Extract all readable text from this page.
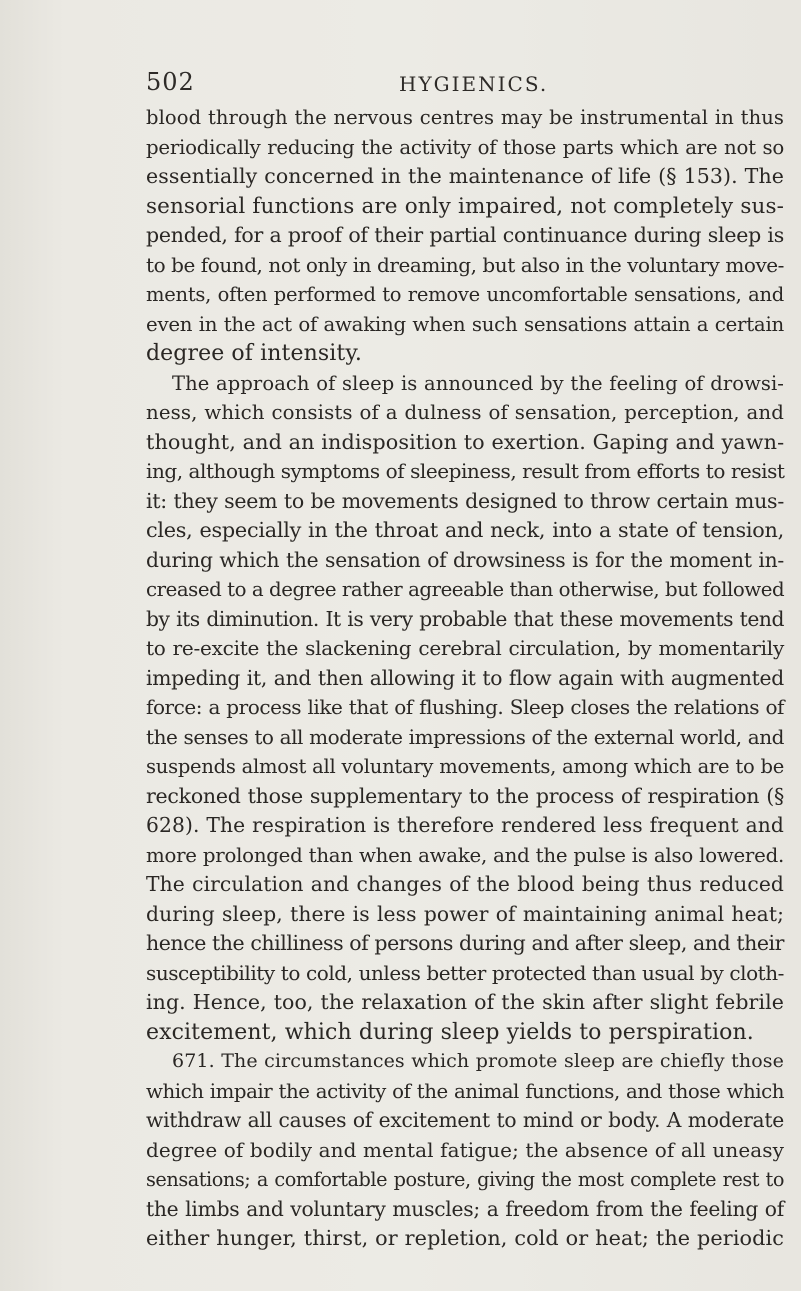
502	HYGIENICS.
blood through the nervous centres may be instrumental in thus
periodically reducing the activity of those parts which are not so
essentially concerned in the maintenance of life (§ 153). The
sensorial functions are only impaired, not completely sus-
pended, for a proof of their partial continuance during sleep is
to be found, not only in dreaming, but also in the voluntary move-
ments, often performed to remove uncomfortable sensations, and
even in the act of awaking when such sensations attain a certain
degree of intensity.
The approach of sleep is announced by the feeling of drowsi-
ness, which consists of a dulness of sensation, perception, and
thought, and an indisposition to exertion. Gaping and yawn-
ing, although symptoms of sleepiness, result from efforts to resist
it: they seem to be movements designed to throw certain mus-
cles, especially in the throat and neck, into a state of tension,
during which the sensation of drowsiness is for the moment in-
creased to a degree rather agreeable than otherwise, but followed
by its diminution. It is very probable that these movements tend
to re-excite the slackening cerebral circulation, by momentarily
impeding it, and then allowing it to flow again with augmented
force: a process like that of flushing. Sleep closes the relations of
the senses to all moderate impressions of the external world, and
suspends almost all voluntary movements, among which are to be
reckoned those supplementary to the process of respiration (§
628). The respiration is therefore rendered less frequent and
more prolonged than when awake, and the pulse is also lowered.
The circulation and changes of the blood being thus reduced
during sleep, there is less power of maintaining animal heat;
hence the chilliness of persons during and after sleep, and their
susceptibility to cold, unless better protected than usual by cloth-
ing. Hence, too, the relaxation of the skin after slight febrile
excitement, which during sleep yields to perspiration.
671. The circumstances which promote sleep are chiefly those
which impair the activity of the animal functions, and those which
withdraw all causes of excitement to mind or body. A moderate
degree of bodily and mental fatigue; the absence of all uneasy
sensations; a comfortable posture, giving the most complete rest to
the limbs and voluntary muscles; a freedom from the feeling of
either hunger, thirst, or repletion, cold or heat; the periodic
